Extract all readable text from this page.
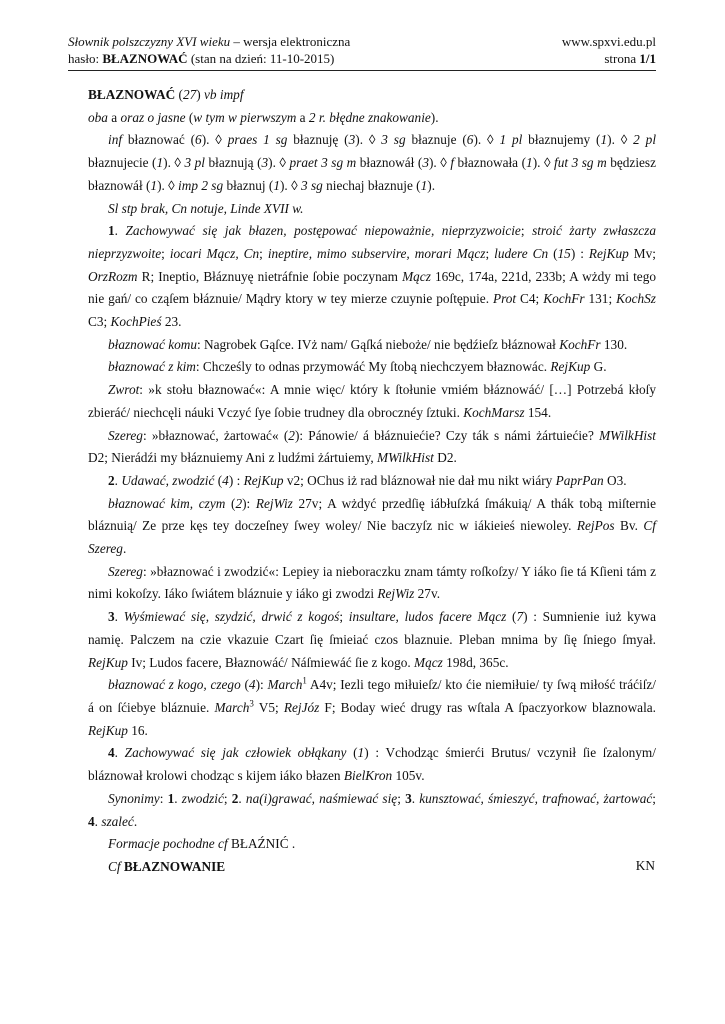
Słownik polszczyzny XVI wieku – wersja elektroniczna	www.spxvi.edu.pl
hasło: BŁAZNOWAĆ (stan na dzień: 11-10-2015)	strona 1/1

BŁAZNOWAĆ (27) vb impf

oba a oraz o jasne (w tym w pierwszym a 2 r. błędne znakowanie).

inf błaznować (6). ◊ praes 1 sg błaznuję (3). ◊ 3 sg błaznuje (6). ◊ 1 pl błaznujemy (1). ◊ 2 pl błaznujecie (1). ◊ 3 pl błaznują (3). ◊ praet 3 sg m błaznowáł (3). ◊ f błaznowała (1). ◊ fut 3 sg m będziesz błaznowáł (1). ◊ imp 2 sg błaznuj (1). ◊ 3 sg niechaj błaznuje (1).

Sl stp brak, Cn notuje, Linde XVII w.

1. Zachowywać się jak błazen, postępować niepoważnie, nieprzyzwoicie; stroić żarty zwłaszcza nieprzyzwoite; iocari Mącz, Cn; ineptire, mimo subservire, morari Mącz; ludere Cn (15) : RejKup Mv; OrzRozm R; Ineptio, Błáznuyę nietráfnie ſobie poczynam Mącz 169c, 174a, 221d, 233b; A wżdy mi tego nie gań/ co cząſem błáznuie/ Mądry ktory w tey mierze czuynie poſtępuie. Prot C4; KochFr 131; KochSz C3; KochPieś 23.

błaznować komu: Nagrobek Gąſce. IVż nam/ Gąſká nieboże/ nie będźieſz błáznował KochFr 130.

błaznować z kim: Chcześly to odnas przymowáć My ſtobą niechczyem błaznowác. RejKup G.

Zwrot: »k stołu błaznować«: A mnie więc/ który k ſtołunie vmiém błáznowáć/ […] Potrzebá kłoſy zbieráć/ niechcęli náuki Vczyć ſye ſobie trudney dla obrocznéy ſztuki. KochMarsz 154.

Szereg: »błaznować, żartować« (2): Pánowie/ á błáznuiećie? Czy ták s námi żártuiećie? MWilkHist D2; Nierádźi my błáznuiemy Ani z ludźmi żártuiemy, MWilkHist D2.

2. Udawać, zwodzić (4) : RejKup v2; OChus iż rad bláznował nie dał mu nikt wiáry PaprPan O3.

błaznować kim, czym (2): RejWiz 27v; A wżdyć przedſię iábłuſzká ſmákuią/ A thák tobą miſternie bláznuią/ Ze prze kęs tey doczeſney ſwey woley/ Nie baczyſz nic w iákieieś niewoley. RejPos Bv. Cf Szereg.

Szereg: »błaznować i zwodzić«: Lepiey ia nieboraczku znam támty roſkoſzy/ Y iáko ſie tá Kſieni tám z nimi kokoſzy. Iáko ſwiátem bláznuie y iáko gi zwodzi RejWiz 27v.

3. Wyśmiewać się, szydzić, drwić z kogoś; insultare, ludos facere Mącz (7) : Sumnienie iuż kywa namię. Palczem na czie vkazuie Czart ſię ſmieiać czos blaznuie. Pleban mnima by ſię ſniego ſmyał. RejKup Iv; Ludos facere, Błaznowáć/ Náſmiewáć ſie z kogo. Mącz 198d, 365c.

błaznować z kogo, czego (4): March$^1$ A4v; Iezli tego miłuieſz/ kto ćie niemiłuie/ ty ſwą miłość tráćiſz/ á on ſćiebye bláznuie. March$^3$ V5; RejJóz F; Boday wieć drugy ras wſtala A ſpaczyorkow blaznowala. RejKup 16.

4. Zachowywać się jak człowiek obłąkany (1) : Vchodząc śmierći Brutus/ vczynił ſie ſzalonym/ bláznował krolowi chodząc s kijem iáko błazen BielKron 105v.

Synonimy: 1. zwodzić; 2. na(i)grawać, naśmiewać się; 3. kunsztować, śmieszyć, trafnować, żartować; 4. szaleć.

Formacje pochodne cf BŁAŹNIĆ .

Cf BŁAZNOWANIE	KN
